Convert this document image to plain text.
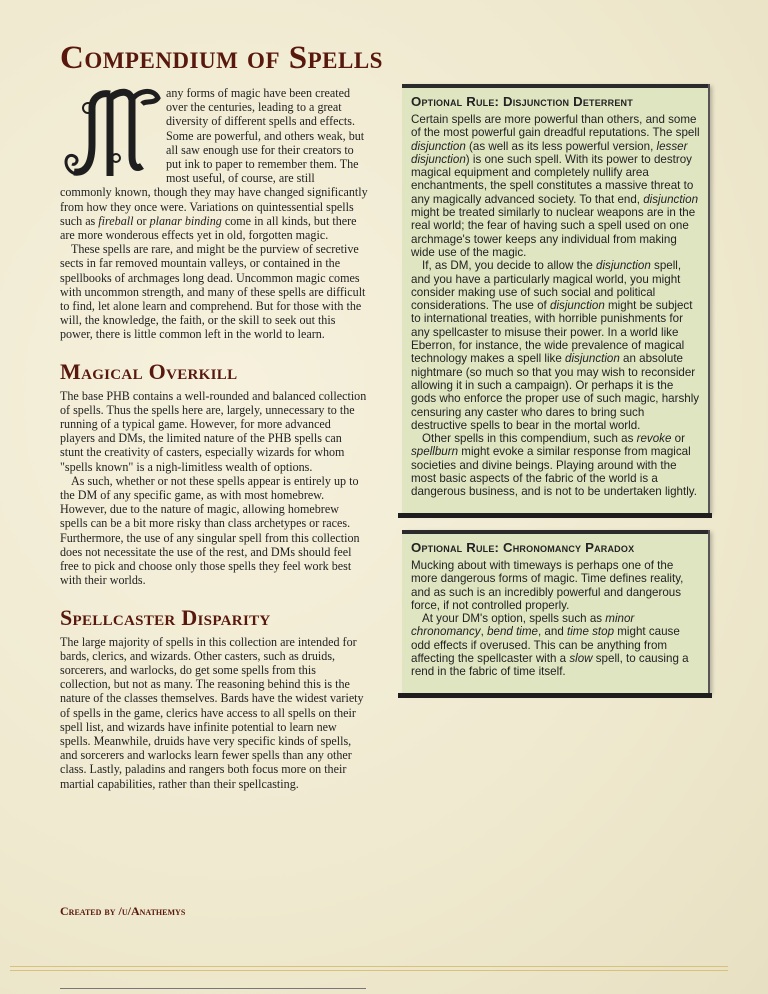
Compendium of Spells
M	any forms of magic have been created over the centuries, leading to a great diversity of different spells and effects. Some are powerful, and others weak, but all saw enough use for their creators to put ink to paper to remember them. The most useful, of course, are still commonly known, though they may have changed significantly from how they once were. Variations on quintessential spells such as fireball or planar binding come in all kinds, but there are more wonderous effects yet in old, forgotten magic.

These spells are rare, and might be the purview of secretive sects in far removed mountain valleys, or contained in the spellbooks of archmages long dead. Uncommon magic comes with uncommon strength, and many of these spells are difficult to find, let alone learn and comprehend. But for those with the will, the knowledge, the faith, or the skill to seek out this power, there is little common left in the world to learn.

Magical Overkill

The base PHB contains a well-rounded and balanced collection of spells. Thus the spells here are, largely, unnecessary to the running of a typical game. However, for more advanced players and DMs, the limited nature of the PHB spells can stunt the creativity of casters, especially wizards for whom "spells known" is a nigh-limitless wealth of options.

As such, whether or not these spells appear is entirely up to the DM of any specific game, as with most homebrew. However, due to the nature of magic, allowing homebrew spells can be a bit more risky than class archetypes or races. Furthermore, the use of any singular spell from this collection does not necessitate the use of the rest, and DMs should feel free to pick and choose only those spells they feel work best with their worlds.

Spellcaster Disparity

The large majority of spells in this collection are intended for bards, clerics, and wizards. Other casters, such as druids, sorcerers, and warlocks, do get some spells from this collection, but not as many. The reasoning behind this is the nature of the classes themselves. Bards have the widest variety of spells in the game, clerics have access to all spells on their spell list, and wizards have infinite potential to learn new spells. Meanwhile, druids have very specific kinds of spells, and sorcerers and warlocks learn fewer spells than any other class. Lastly, paladins and rangers both focus more on their martial capabilities, rather than their spellcasting.

Optional Rule: Disjunction Deterrent

Certain spells are more powerful than others, and some of the most powerful gain dreadful reputations. The spell disjunction (as well as its less powerful version, lesser disjunction) is one such spell. With its power to destroy magical equipment and completely nullify area enchantments, the spell constitutes a massive threat to any magically advanced society. To that end, disjunction might be treated similarly to nuclear weapons are in the real world; the fear of having such a spell used on one archmage's tower keeps any individual from making wide use of the magic.

If, as DM, you decide to allow the disjunction spell, and you have a particularly magical world, you might consider making use of such social and political considerations. The use of disjunction might be subject to international treaties, with horrible punishments for any spellcaster to misuse their power. In a world like Eberron, for instance, the wide prevalence of magical technology makes a spell like disjunction an absolute nightmare (so much so that you may wish to reconsider allowing it in such a campaign). Or perhaps it is the gods who enforce the proper use of such magic, harshly censuring any caster who dares to bring such destructive spells to bear in the mortal world.

Other spells in this compendium, such as revoke or spellburn might evoke a similar response from magical societies and divine beings. Playing around with the most basic aspects of the fabric of the world is a dangerous business, and is not to be undertaken lightly.

Optional Rule: Chronomancy Paradox

Mucking about with timeways is perhaps one of the more dangerous forms of magic. Time defines reality, and as such is an incredibly powerful and dangerous force, if not controlled properly.

At your DM's option, spells such as minor chronomancy, bend time, and time stop might cause odd effects if overused. This can be anything from affecting the spellcaster with a slow spell, to causing a rend in the fabric of time itself.

Created by /u/Anathemys
